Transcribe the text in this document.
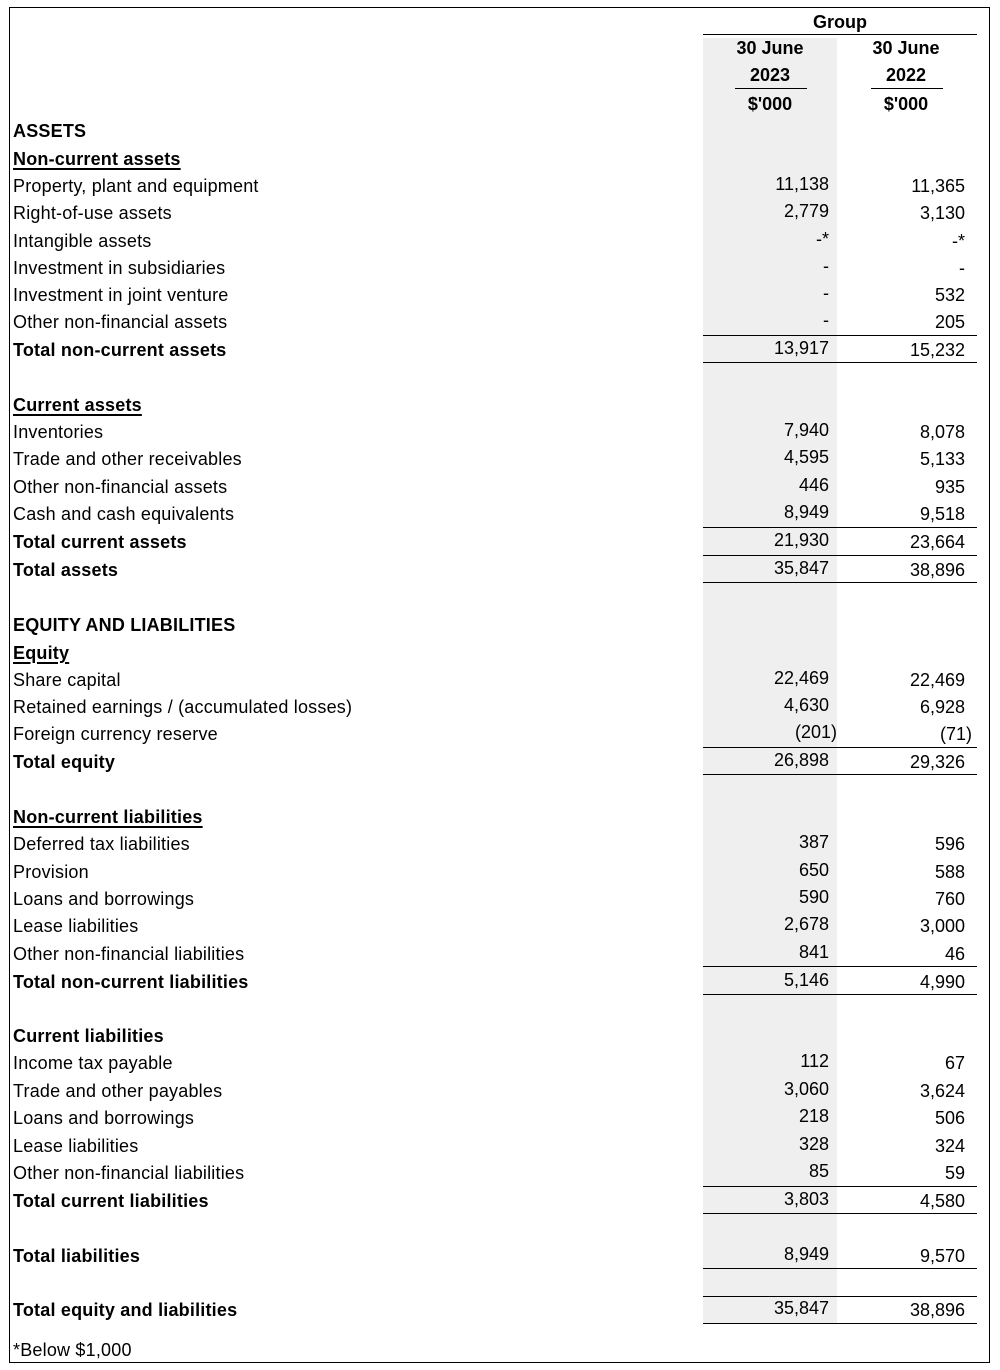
Group
30 June
2023
$'000
30 June
2022
$'000
ASSETS
Non-current assets
Property, plant and equipment	11,138	11,365
Right-of-use assets	2,779	3,130
Intangible assets	-*	-*
Investment in subsidiaries	-	-
Investment in joint venture	-	532
Other non-financial assets	-	205
Total non-current assets	13,917	15,232
Current assets
Inventories	7,940	8,078
Trade and other receivables	4,595	5,133
Other non-financial assets	446	935
Cash and cash equivalents	8,949	9,518
Total current assets	21,930	23,664
Total assets	35,847	38,896
EQUITY AND LIABILITIES
Equity
Share capital	22,469	22,469
Retained earnings / (accumulated losses)	4,630	6,928
Foreign currency reserve	(201)	(71)
Total equity	26,898	29,326
Non-current liabilities
Deferred tax liabilities	387	596
Provision	650	588
Loans and borrowings	590	760
Lease liabilities	2,678	3,000
Other non-financial liabilities	841	46
Total non-current liabilities	5,146	4,990
Current liabilities
Income tax payable	112	67
Trade and other payables	3,060	3,624
Loans and borrowings	218	506
Lease liabilities	328	324
Other non-financial liabilities	85	59
Total current liabilities	3,803	4,580
Total liabilities	8,949	9,570
Total equity and liabilities	35,847	38,896
*Below $1,000
